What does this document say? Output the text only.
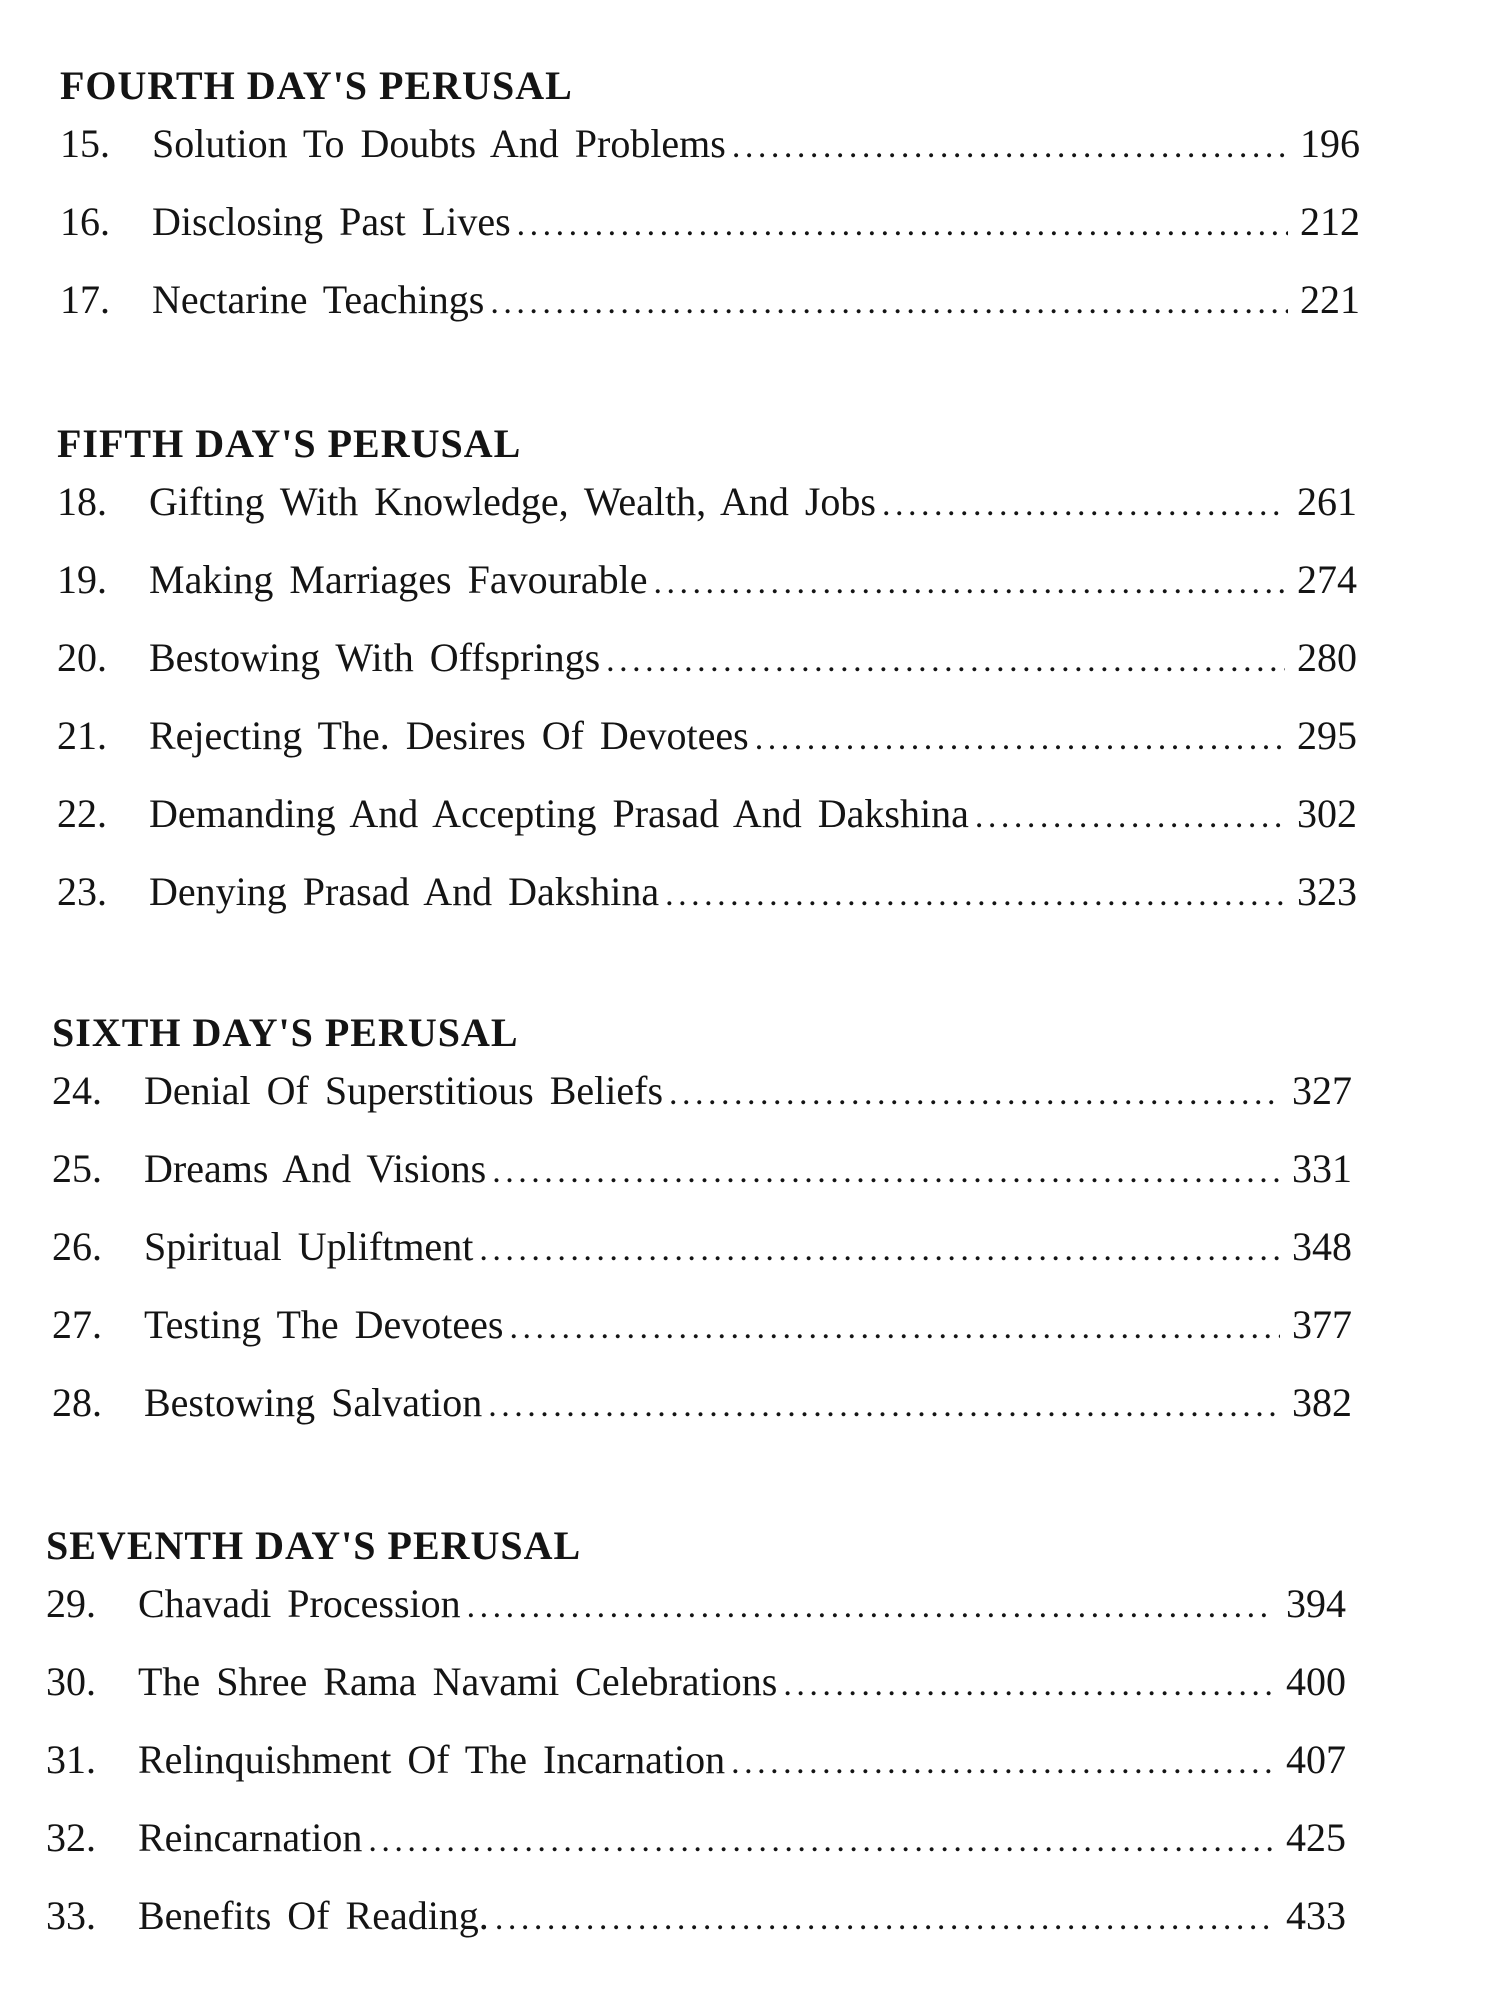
FOURTH DAY'S PERUSAL
15.	Solution To Doubts And Problems . . .	196
16.	Disclosing Past Lives . . .	212
17.	Nectarine Teachings . . .	221
FIFTH DAY'S PERUSAL
18.	Gifting With Knowledge, Wealth, And Jobs . . .	261
19.	Making Marriages Favourable . . .	274
20.	Bestowing With Offsprings . . .	280
21.	Rejecting The. Desires Of Devotees . . .	295
22.	Demanding And Accepting Prasad And Dakshina . . .	302
23.	Denying Prasad And Dakshina . . .	323
SIXTH DAY'S PERUSAL
24.	Denial Of Superstitious Beliefs . . .	327
25.	Dreams And Visions . . .	331
26.	Spiritual Upliftment . . .	348
27.	Testing The Devotees . . .	377
28.	Bestowing Salvation . . .	382
SEVENTH DAY'S PERUSAL
29.	Chavadi Procession . . .	394
30.	The Shree Rama Navami Celebrations . . .	400
31.	Relinquishment Of The Incarnation . . .	407
32.	Reincarnation . . .	425
33.	Benefits Of Reading. . . .	433
